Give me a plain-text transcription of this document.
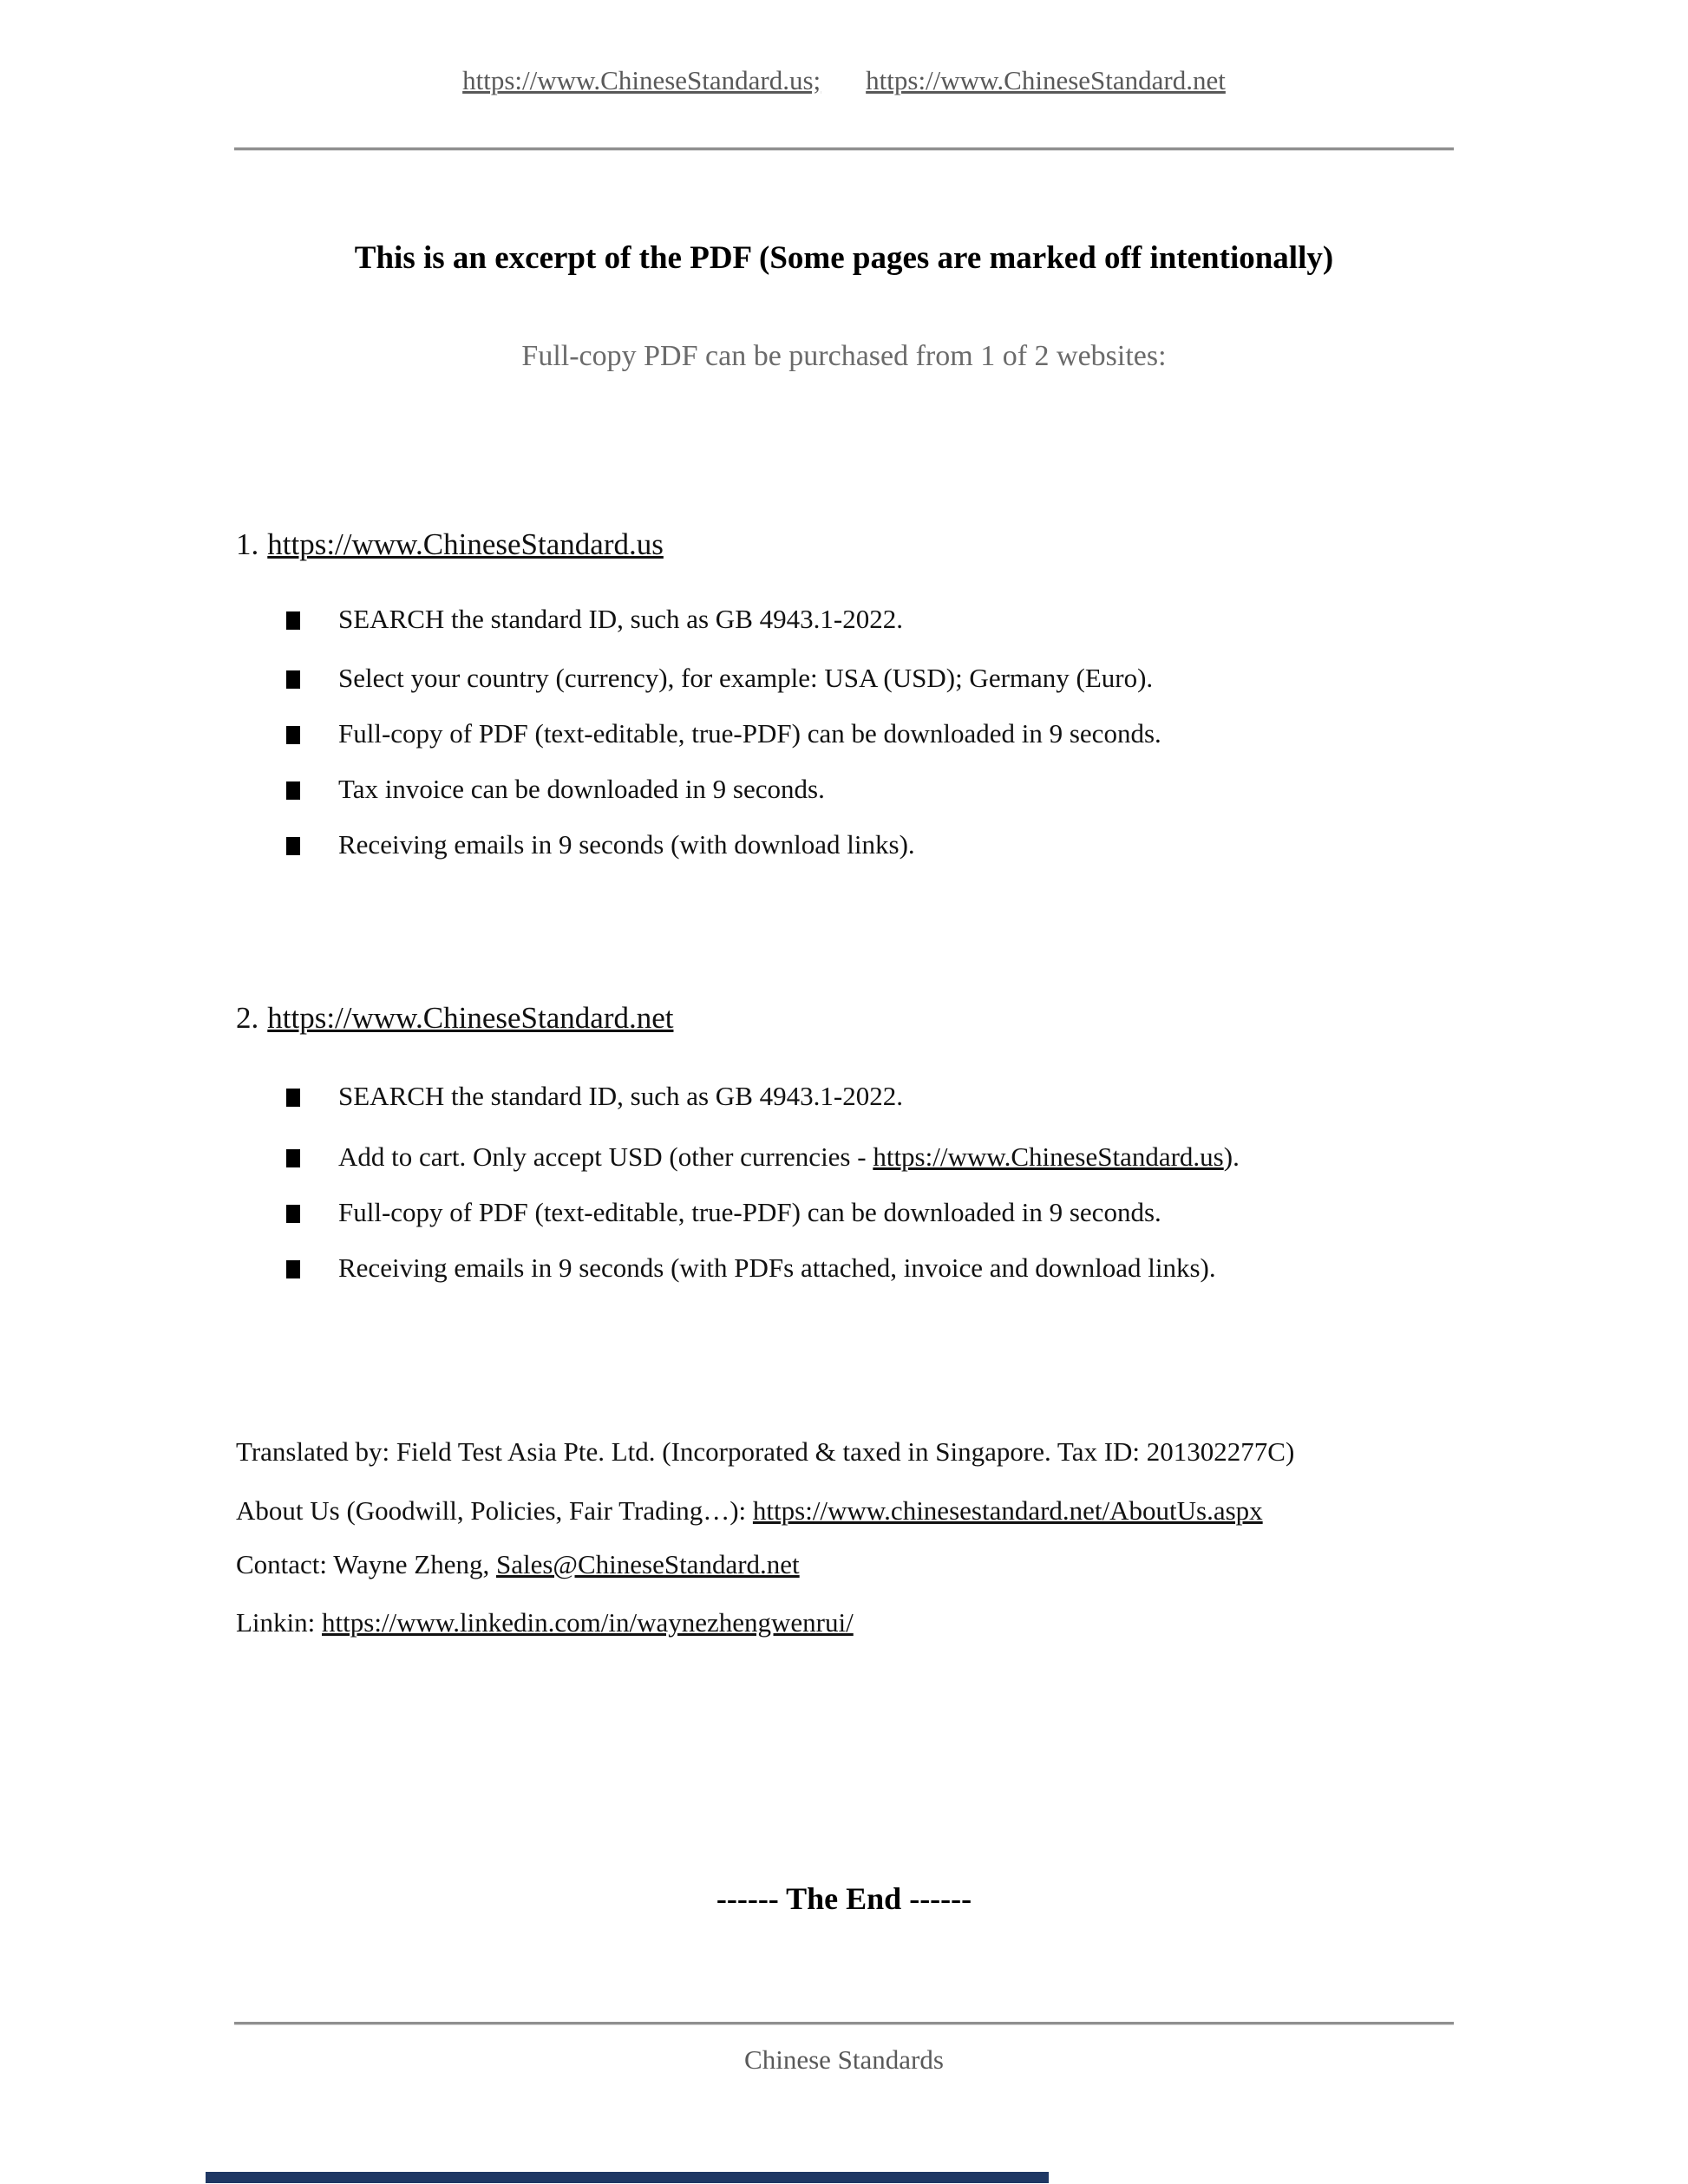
https://www.ChineseStandard.us; https://www.ChineseStandard.net
This is an excerpt of the PDF (Some pages are marked off intentionally)
Full-copy PDF can be purchased from 1 of 2 websites:
1. https://www.ChineseStandard.us
SEARCH the standard ID, such as GB 4943.1-2022.
Select your country (currency), for example: USA (USD); Germany (Euro).
Full-copy of PDF (text-editable, true-PDF) can be downloaded in 9 seconds.
Tax invoice can be downloaded in 9 seconds.
Receiving emails in 9 seconds (with download links).
2. https://www.ChineseStandard.net
SEARCH the standard ID, such as GB 4943.1-2022.
Add to cart. Only accept USD (other currencies - https://www.ChineseStandard.us).
Full-copy of PDF (text-editable, true-PDF) can be downloaded in 9 seconds.
Receiving emails in 9 seconds (with PDFs attached, invoice and download links).
Translated by: Field Test Asia Pte. Ltd. (Incorporated & taxed in Singapore. Tax ID: 201302277C)
About Us (Goodwill, Policies, Fair Trading…): https://www.chinesestandard.net/AboutUs.aspx
Contact: Wayne Zheng, Sales@ChineseStandard.net
Linkin: https://www.linkedin.com/in/waynezhengwenrui/
------ The End ------
Chinese Standards
